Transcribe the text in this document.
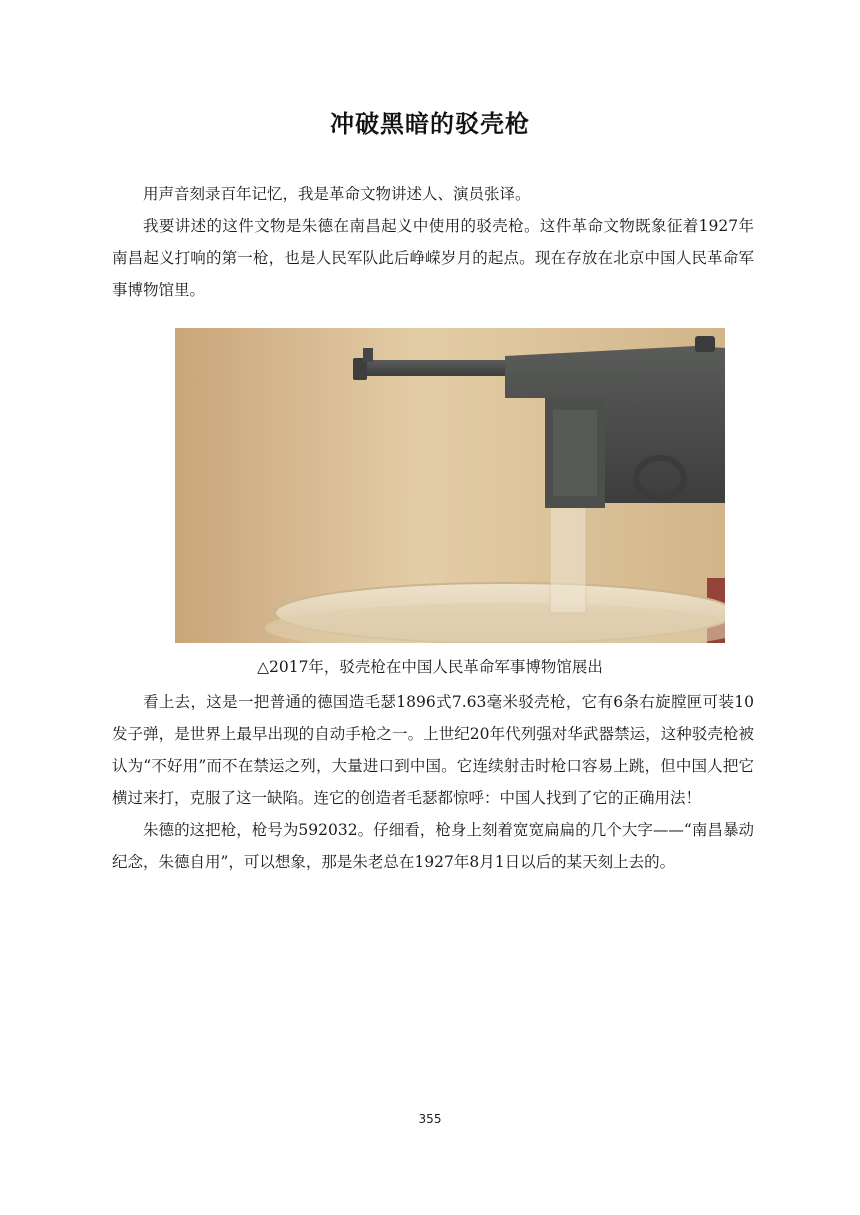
冲破黑暗的驳壳枪

用声音刻录百年记忆，我是革命文物讲述人、演员张译。

我要讲述的这件文物是朱德在南昌起义中使用的驳壳枪。这件革命文物既象征着1927年南昌起义打响的第一枪，也是人民军队此后峥嵘岁月的起点。现在存放在北京中国人民革命军事博物馆里。

△2017年，驳壳枪在中国人民革命军事博物馆展出

看上去，这是一把普通的德国造毛瑟1896式7.63毫米驳壳枪，它有6条右旋膛匣可装10发子弹，是世界上最早出现的自动手枪之一。上世纪20年代列强对华武器禁运，这种驳壳枪被认为“不好用”而不在禁运之列，大量进口到中国。它连续射击时枪口容易上跳，但中国人把它横过来打，克服了这一缺陷。连它的创造者毛瑟都惊呼：中国人找到了它的正确用法！

朱德的这把枪，枪号为592032。仔细看，枪身上刻着宽宽扁扁的几个大字——“南昌暴动纪念，朱德自用”，可以想象，那是朱老总在1927年8月1日以后的某天刻上去的。

355
